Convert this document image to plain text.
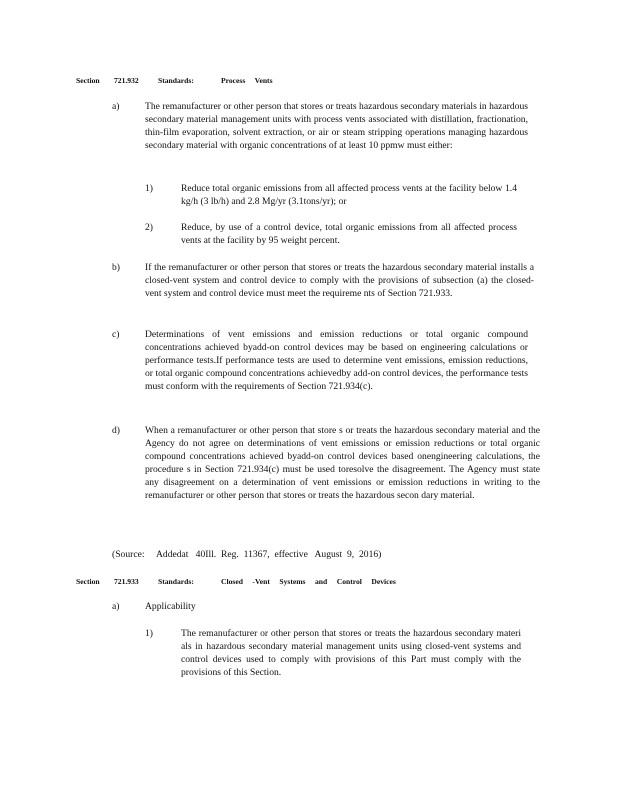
Section	721.932	Standards:	Process     Vents
a)	The remanufacturer or other person that stores or treats hazardous secondary materials in hazardous secondary material management units with process vents associated with distillation, fractionation, thin-film evaporation, solvent extraction, or air or steam stripping operations managing hazardous secondary material with organic concentrations of at least 10 ppmw must either:
1)	Reduce total organic emissions from all affected process vents at the facility below 1.4 kg/h (3 lb/h) and 2.8 Mg/yr (3.1tons/yr); or
2)	Reduce, by use of a control device, total organic emissions from all affected process vents at the facility by 95 weight percent.
b)	If the remanufacturer or other person that stores or treats the hazardous secondary material installs a closed-vent system and control device to comply with the provisions of subsection (a) the closed-vent system and control device must meet the requireme nts of Section 721.933.
c)	Determinations of vent emissions and emission reductions or total organic compound concentrations achieved byadd-on control devices may be based on engineering calculations or performance tests.If performance tests are used to determine vent emissions, emission reductions, or total organic compound concentrations achievedby add-on control devices, the performance tests must conform with the requirements of Section 721.934(c).
d)	When a remanufacturer or other person that store s or treats the hazardous secondary material and the Agency do not agree on determinations of vent emissions or emission reductions or total organic compound concentrations achieved byadd-on control devices based onengineering calculations, the procedure s in Section 721.934(c) must be used toresolve the disagreement. The Agency must state any disagreement on a determination of vent emissions or emission reductions in writing to the remanufacturer or other person that stores or treats the hazardous secon dary material.
(Source:     Addedat   40Ill.  Reg.  11367,  effective   August  9,  2016)
Section	721.933	Standards:	Closed     -Vent     Systems     and     Control     Devices
a)	Applicability
1)	The remanufacturer or other person that stores or treats the hazardous secondary materi als in hazardous secondary material management units using closed-vent systems and control devices used to comply with provisions of this Part must comply with the provisions of this Section.
